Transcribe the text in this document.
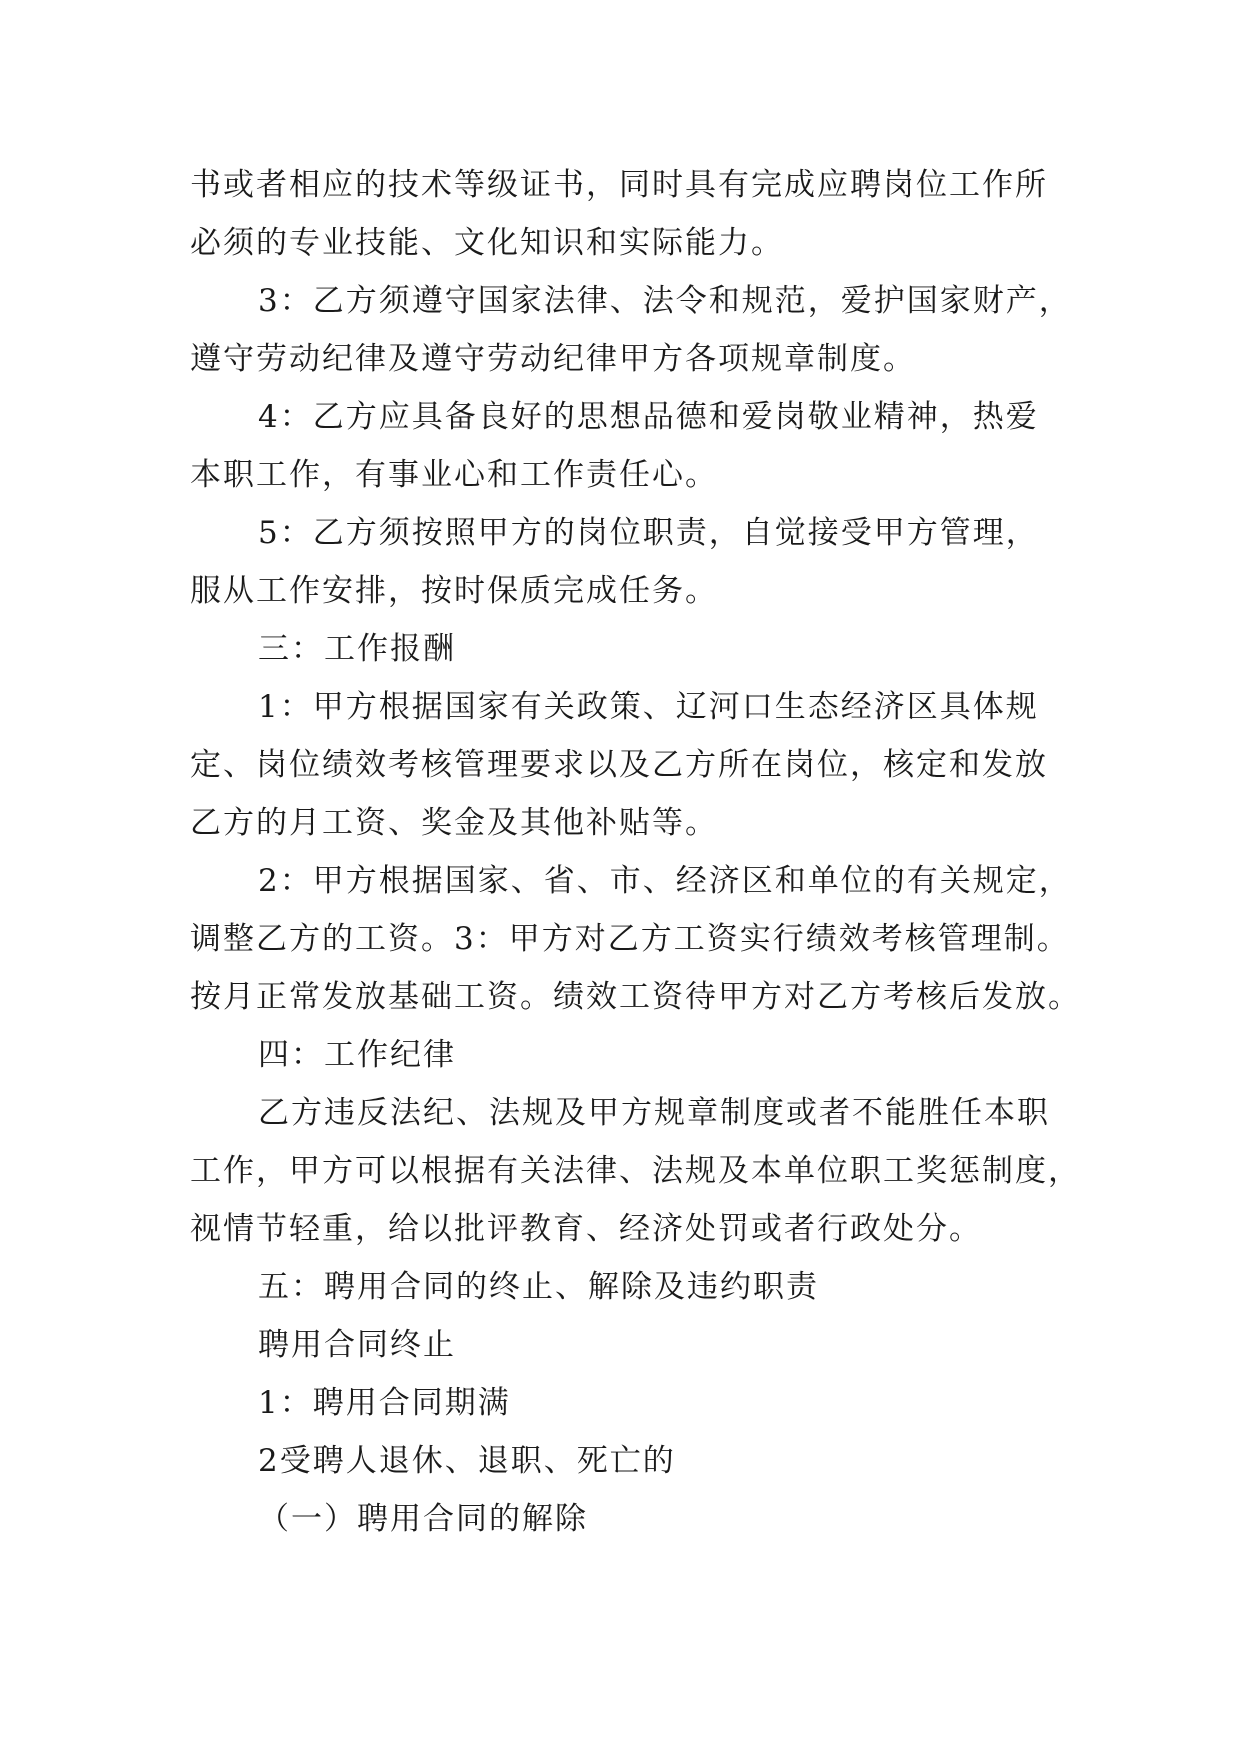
书或者相应的技术等级证书，同时具有完成应聘岗位工作所
必须的专业技能、文化知识和实际能力。
3：乙方须遵守国家法律、法令和规范，爱护国家财产，
遵守劳动纪律及遵守劳动纪律甲方各项规章制度。
4：乙方应具备良好的思想品德和爱岗敬业精神，热爱
本职工作，有事业心和工作责任心。
5：乙方须按照甲方的岗位职责，自觉接受甲方管理，
服从工作安排，按时保质完成任务。
三：工作报酬
1：甲方根据国家有关政策、辽河口生态经济区具体规
定、岗位绩效考核管理要求以及乙方所在岗位，核定和发放
乙方的月工资、奖金及其他补贴等。
2：甲方根据国家、省、市、经济区和单位的有关规定，
调整乙方的工资。3：甲方对乙方工资实行绩效考核管理制。
按月正常发放基础工资。绩效工资待甲方对乙方考核后发放。
四：工作纪律
乙方违反法纪、法规及甲方规章制度或者不能胜任本职
工作，甲方可以根据有关法律、法规及本单位职工奖惩制度，
视情节轻重，给以批评教育、经济处罚或者行政处分。
五：聘用合同的终止、解除及违约职责
聘用合同终止
1：聘用合同期满
2受聘人退休、退职、死亡的
（一）聘用合同的解除
